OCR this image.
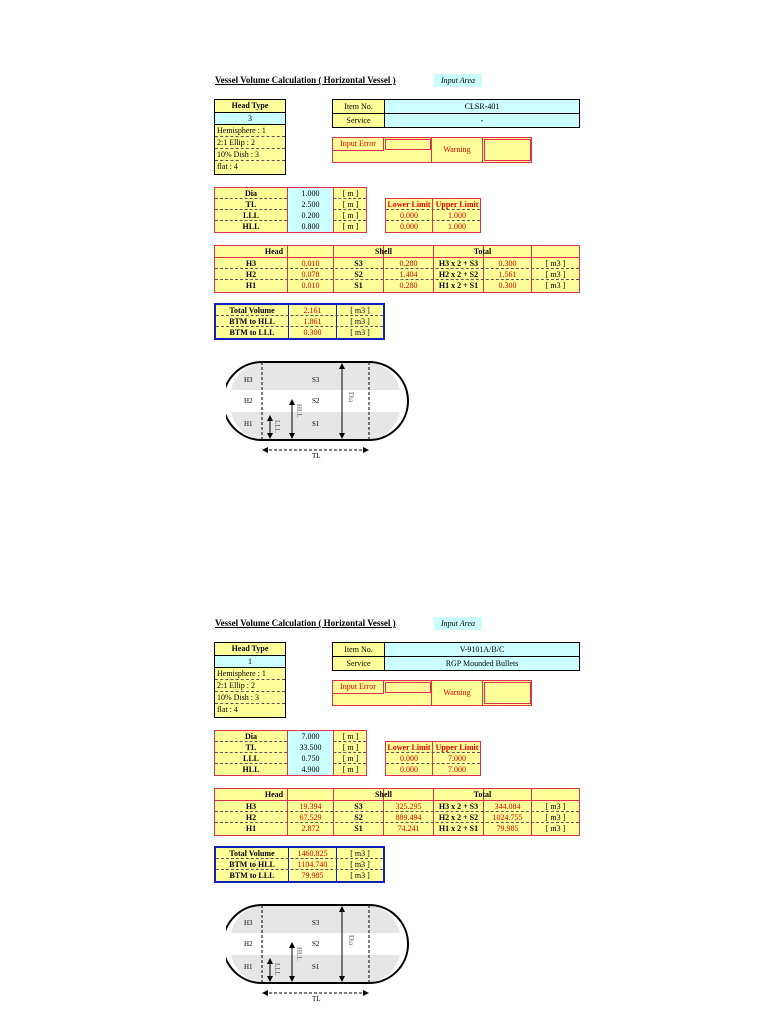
Vessel Volume Calculation ( Horizontal Vessel )	Input Area
Head Type
3
Hemisphere : 1
2:1 Ellip : 2
10% Dish : 3
flat : 4
Item No.	CLSR-401
Service	-
Input Error
Warning
Dia	1.000	[ m ]
TL	2.500	[ m ]
LLL	0.200	[ m ]
HLL	0.800	[ m ]
Lower Limit Upper Limit
0.000	1.000
0.000	1.000
Head	Shell	Total
H3	0.010	S3	0.280	H3 x 2 + S3	0.300	[ m3 ]
H2	0.078	S2	1.404	H2 x 2 + S2	1.561	[ m3 ]
H1	0.010	S1	0.280	H1 x 2 + S1	0.300	[ m3 ]
Total Volume	2.161	[ m3 ]
BTM to HLL	1.861	[ m3 ]
BTM to LLL	0.300	[ m3 ]
H3
H2
H1
S3
S2
S1
Dia
HLL
LLL
TL
Vessel Volume Calculation ( Horizontal Vessel )	Input Area
Head Type
1
Hemisphere : 1
2:1 Ellip : 2
10% Dish : 3
flat : 4
Item No.	V-9101A/B/C
Service	RGP Mounded Bullets
Input Error
Warning
Dia	7.000	[ m ]
TL	33.500	[ m ]
LLL	0.750	[ m ]
HLL	4.900	[ m ]
Lower Limit Upper Limit
0.000	7.000
0.000	7.000
Head	Shell	Total
H3	19.394	S3	325.295	H3 x 2 + S3	344.084	[ m3 ]
H2	67.529	S2	889.494	H2 x 2 + S2	1024.755	[ m3 ]
H1	2.872	S1	74.241	H1 x 2 + S1	79.985	[ m3 ]
Total Volume	1460.825	[ m3 ]
BTM to HLL	1104.740	[ m3 ]
BTM to LLL	79.985	[ m3 ]
H3
H2
H1
S3
S2
S1
Dia
HLL
LLL
TL
